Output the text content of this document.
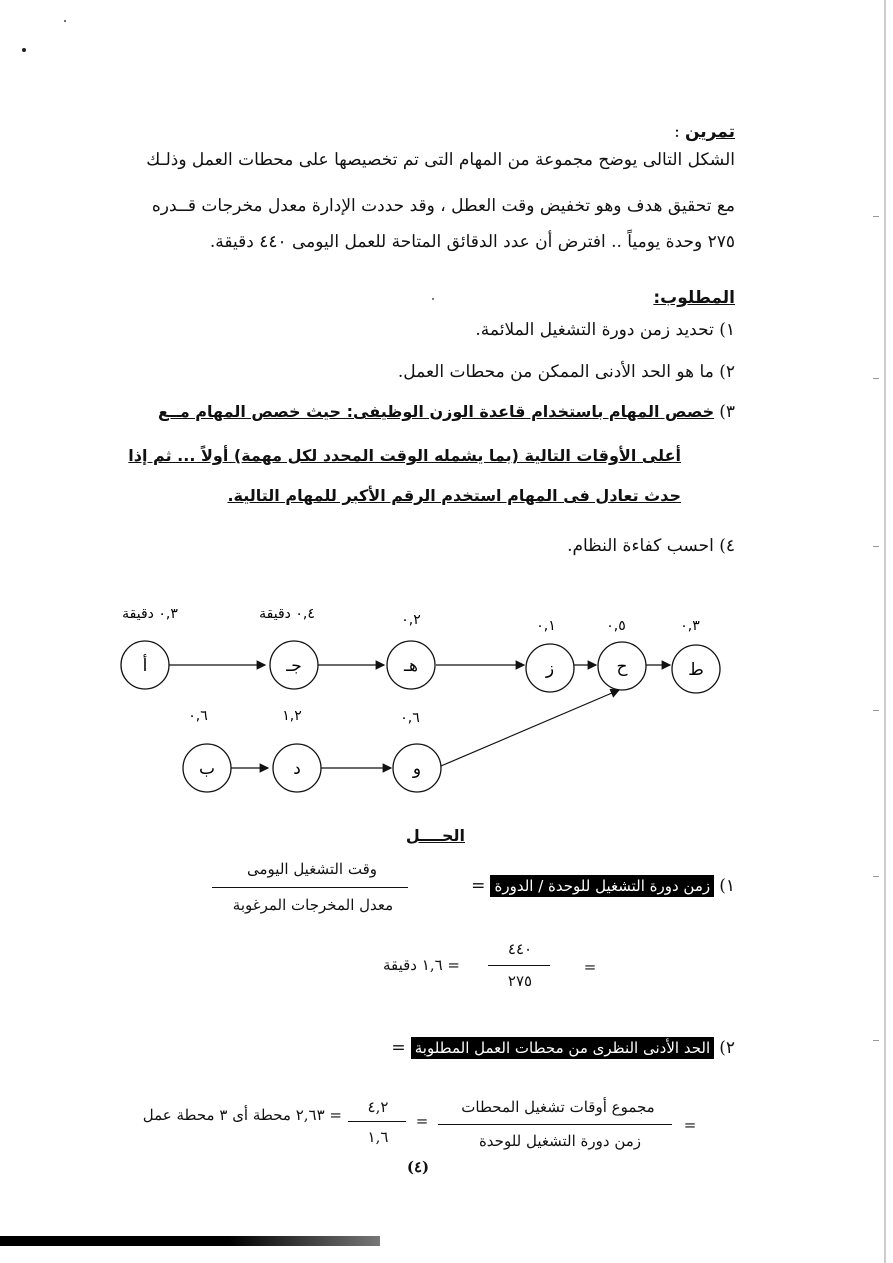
تمرين :
الشكل التالى يوضح مجموعة من المهام التى تم تخصيصها على محطات العمل وذلـك
مع تحقيق هدف وهو تخفيض وقت العطل ، وقد حددت الإدارة معدل مخرجات قــدره
٢٧٥ وحدة يومياً .. افترض أن عدد الدقائق المتاحة للعمل اليومى ٤٤٠ دقيقة.
المطلوب:
١) تحديد زمن دورة التشغيل الملائمة.
٢) ما هو الحد الأدنى الممكن من محطات العمل.
٣) خصص المهام باستخدام قاعدة الوزن الوظيفى: حيث خصص المهام مــع
أعلى الأوقات التالية (بما يشمله الوقت المحدد لكل مهمة) أولاً ... ثم إذا
حدث تعادل فى المهام استخدم الرقم الأكبر للمهام التالية.
٤) احسب كفاءة النظام.
أ	جـ	هـ	ز	ح	ط
ب	د	و
٠,٣ دقيقة	٠,٤ دقيقة	٠,٢	٠,١	٠,٥	٠,٣
٠,٦	١,٢	٠,٦
الحــــل
١) زمن دورة التشغيل للوحدة / الدورة =
وقت التشغيل اليومى
معدل المخرجات المرغوبة
٤٤٠
٢٧٥
=
= ١,٦ دقيقة
٢) الحد الأدنى النظرى من محطات العمل المطلوبة =
=
مجموع أوقات تشغيل المحطات
زمن دورة التشغيل للوحدة
=
٤,٢
١,٦
= ٢,٦٣ محطة أى ٣ محطة عمل
(٤)
